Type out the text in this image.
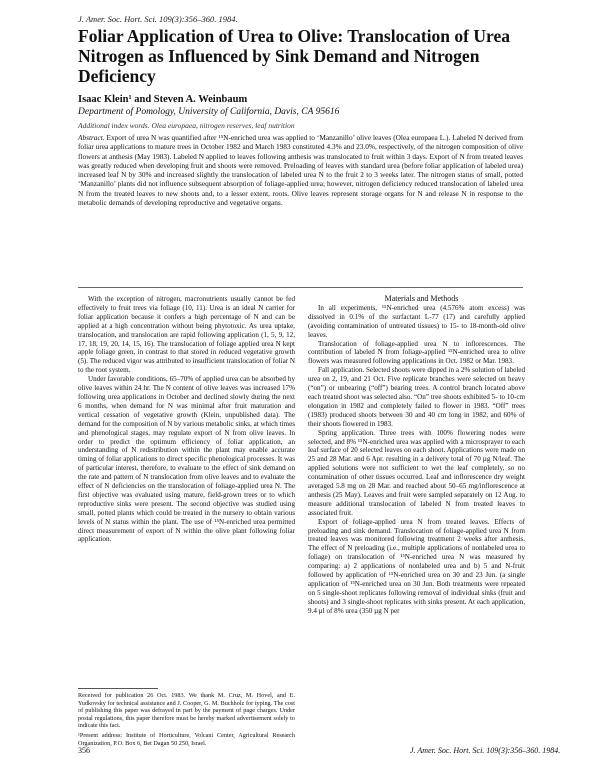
J. Amer. Soc. Hort. Sci. 109(3):356–360. 1984.
Foliar Application of Urea to Olive: Translocation of Urea Nitrogen as Influenced by Sink Demand and Nitrogen Deficiency
Isaac Klein¹ and Steven A. Weinbaum
Department of Pomology, University of California, Davis, CA 95616
Additional index words. Olea europaea, nitrogen reserves, leaf nutrition
Abstract. Export of urea N was quantified after ¹⁵N-enriched urea was applied to ‘Manzanillo’ olive leaves (Olea europaea L.). Labeled N derived from foliar urea applications to mature trees in October 1982 and March 1983 constituted 4.3% and 23.0%, respectively, of the nitrogen composition of olive flowers at anthesis (May 1983). Labeled N applied to leaves following anthesis was translocated to fruit within 3 days. Export of N from treated leaves was greatly reduced when developing fruit and shoots were removed. Preloading of leaves with standard urea (before foliar application of labeled urea) increased leaf N by 30% and increased slightly the translocation of labeled urea N to the fruit 2 to 3 weeks later. The nitrogen status of small, potted ‘Manzanillo’ plants did not influence subsequent absorption of foliage-applied urea; however, nitrogen deficiency reduced translocation of labeled urea N from the treated leaves to new shoots and, to a lesser extent, roots. Olive leaves represent storage organs for N and release N in response to the metabolic demands of developing reproductive and vegetative organs.

With the exception of nitrogen, macronutrients usually cannot be fed effectively to fruit trees via foliage (10, 11). Urea is an ideal N carrier for foliar application because it confers a high percentage of N and can be applied at a high concentration without being phytotoxic. As urea uptake, translocation, and translocation are rapid following application (1, 5, 9, 12, 17, 18, 19, 20, 14, 15, 16). The translocation of foliage applied urea N kept apple foliage green, in contrast to that stored in reduced vegetative growth (5). The reduced vigor was attributed to insufficient translocation of foliar N to the root system.

Under favorable conditions, 65–70% of applied urea can be absorbed by olive leaves within 24 hr. The N content of olive leaves was increased 17% following urea applications in October and declined slowly during the next 6 months, when demand for N was minimal after fruit maturation and vertical cessation of vegetative growth (Klein, unpublished data). The demand for the composition of N by various metabolic sinks, at which times and phenological stages, may regulate export of N from olive leaves. In order to predict the optimum efficiency of foliar application, an understanding of N redistribution within the plant may enable accurate timing of foliar applications to direct specific phenological processes. It was of particular interest, therefore, to evaluate to the effect of sink demand on the rate and pattern of N translocation from olive leaves and to evaluate the effect of N deficiencies on the translocation of foliage-applied urea N. The first objective was evaluated using mature, field-grown trees or to which reproductive sinks were present. The second objective was studied using small, potted plants which could be treated in the nursery to obtain various levels of N status within the plant. The use of ¹⁵N-enriched urea permitted direct measurement of export of N within the olive plant following foliar application.

Materials and Methods

In all experiments, ¹⁵N-enriched urea (4.576% atom excess) was dissolved in 0.1% of the surfactant L-77 (17) and carefully applied (avoiding contamination of untreated tissues) to 15- to 18-month-old olive leaves.

Translocation of foliage-applied urea N to inflorescences. The contribution of labeled N from foliage-applied ¹⁵N-enriched urea to olive flowers was measured following applications in Oct. 1982 or Mar. 1983.

Fall application. Selected shoots were dipped in a 2% solution of labeled urea on 2, 19, and 21 Oct. Five replicate branches were selected on heavy (“on”) or unbearing (“off”) bearing trees. A control branch located above each treated shoot was selected also. “On” tree shoots exhibited 5- to 10-cm elongation in 1982 and completely failed to flower in 1983. “Off” trees (1983) produced shoots between 30 and 40 cm long in 1982, and 60% of their shoots flowered in 1983.

Spring application. Three trees with 100% flowering nodes were selected, and 8% ¹⁵N-enriched urea was applied with a microsprayer to each leaf surface of 20 selected leaves on each shoot. Applications were made on 25 and 28 Mar. and 6 Apr. resulting in a delivery total of 70 µg N/leaf. The applied solutions were not sufficient to wet the leaf completely, so no contamination of other tissues occurred. Leaf and inflorescence dry weight averaged 5.8 mg on 28 Mar. and reached about 50–65 mg/inflorescence at anthesis (25 May). Leaves and fruit were sampled separately on 12 Aug. to measure additional translocation of labeled N from treated leaves to associated fruit.

Export of foliage-applied urea N from treated leaves. Effects of preloading and sink demand. Translocation of foliage-applied urea N from treated leaves was monitored following treatment 2 weeks after anthesis. The effect of N preloading (i.e., multiple applications of nonlabeled urea to foliage) on translocation of ¹⁵N-enriched urea N was measured by comparing: a) 2 applications of nonlabeled urea and b) 5 and N-fruit followed by application of ¹⁵N-enriched urea on 30 and 23 Jun. (a single application of ¹⁵N-enriched urea on 30 Jun. Both treatments were repeated on 5 single-shoot replicates following removal of individual sinks (fruit and shoots) and 3 single-shoot replicates with sinks present. At each application, 9.4 µl of 8% urea (350 µg N per

Received for publication 26 Oct. 1983. We thank M. Cruz, M. Hovel, and E. Yudkovsky for technical assistance and J. Cooper, G. M. Buchholz for typing. The cost of publishing this paper was defrayed in part by the payment of page charges. Under postal regulations, this paper therefore must be hereby marked advertisement solely to indicate this fact.

¹Present address: Institute of Horticulture, Volcani Center, Agricultural Research Organization, P.O. Box 6, Bet Dagan 50 250, Israel.

356	J. Amer. Soc. Hort. Sci. 109(3):356–360. 1984.
